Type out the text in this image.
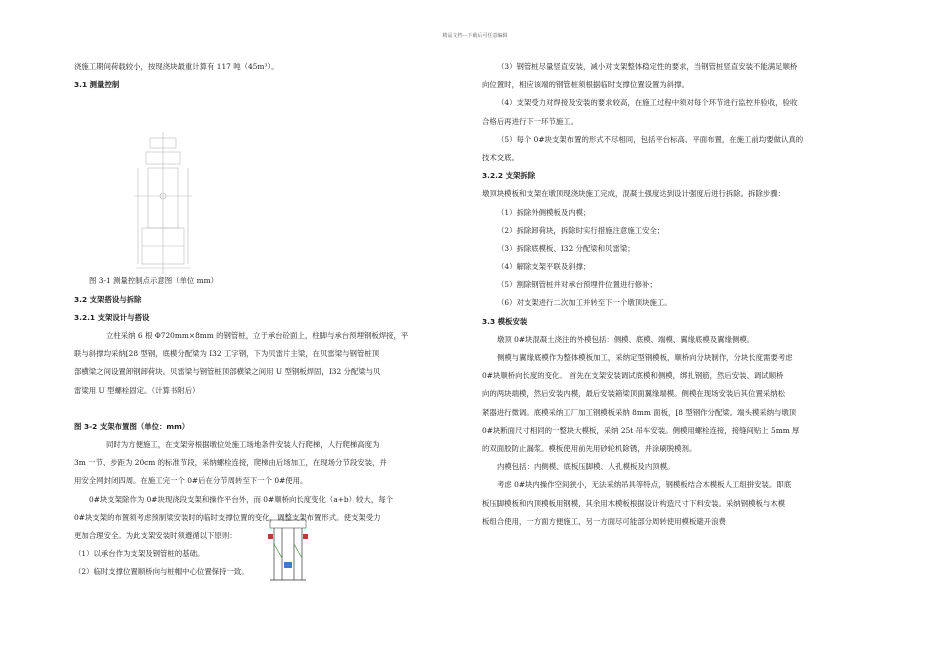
精品文档---下载后可任意编辑

浇施工期间荷载较小，按现浇块最重计算有 117 吨（45m³）。

3.1 测量控制

图 3-1 测量控制点示意图（单位 mm）

3.2 支架搭设与拆除

3.2.1 支架设计与搭设

立柱采纳 6 根 Φ720mm×8mm 的钢管桩，立于承台砼面上，柱脚与承台预埋钢板焊接，平

联与斜撑均采纳[28 型钢，底模分配梁为 I32 工字钢，下为贝雷片主梁，在贝雷梁与钢管桩顶

部横梁之间设置卸钢卸荷块。贝雷梁与钢管桩顶部横梁之间用 U 型钢板焊固，I32 分配梁与贝

雷梁用 U 型螺栓固定。（计算书附后）

图 3-2 支架布置图（单位：mm）

同时为方便施工，在支架旁根据墩位处施工场地条件安装人行爬梯，人行爬梯高度为

3m 一节、步距为 20cm 的标准节段，采纳螺栓连接，爬梯由后场加工，在现场分节段安装，并

用安全网封闭四周。在施工完一个 0#后在分节周转至下一个 0#使用。

0#块支架除作为 0#块现浇段支架和操作平台外，而 0#顺桥向长度变化（a+b）较大，每个

0#块支架的布置须考虑预制梁安装时的临时支撑位置的变化，调整支架布置形式。使支架受力

更加合理安全。为此支架安装时须遵循以下原则：

（1）以承台作为支架及钢管桩的基础。

（2）临时支撑位置顺桥向与桩帽中心位置保持一致。

（3）钢管桩尽量竖直安装，减小对支架整体稳定性的要求，当钢管桩竖直安装不能满足顺桥

向位置时，相应该端的钢管桩须根据临时支撑位置设置为斜撑。

（4）支架受力对焊接及安装的要求较高，在施工过程中须对每个环节进行监控并验收，验收

合格后再进行下一环节施工。

（5）每个 0#块支架布置的形式不尽相同，包括平台标高、平面布置，在施工前均要做认真的

技术交底。

3.2.2 支架拆除

墩顶块模板和支架在墩顶现浇块施工完成，混凝土强度达到设计强度后进行拆除。拆除步骤：

（1）拆除外侧模板及内模；

（2）拆除卸荷块，拆除时实行措施注意施工安全；

（3）拆除底模板、I32 分配梁和贝雷梁；

（4）解除支架平联及斜撑；

（5）割除钢管桩并对承台预埋件位置进行修补；

（6）对支架进行二次加工并转至下一个墩顶块施工。

3.3 模板安装

墩顶 0#块混凝土浇注的外模包括：侧模、底模、端模、翼缘底模及翼缘侧模。

侧模与翼缘底模作为整体模板加工，采纳定型钢模板，顺桥向分块制作，分块长度需要考虑

0#块顺桥向长度的变化。 首先在支架安装调试底模和侧模，绑扎钢筋，然后安装、调试顺桥

向的两块端模，然后安装内模，最后安装箱梁顶面翼缘端模。侧模在现场安装后其位置采纳松

紧器进行微调。底模采纳工厂加工钢模板采纳 8mm 面板，[8 型钢作分配梁。端头模采纳与墩顶

0#块断面尺寸相同的一整块大模板，采纳 25t 吊车安装。侧模用螺栓连接，接缝间贴上 5mm 厚

的双面胶防止漏浆。模板使用前先用砂轮机除锈，并涂刷脱模剂。

内模包括：内侧模、底板压脚模、人孔模板及内顶模。

考虑 0#块内操作空间狭小，无法采纳吊具等特点，钢模板结合木模板人工组拼安装。即底

板压脚模板和内顶模板用钢模，其余用木模板根据设计构造尺寸下料安装。采纳钢模板与木模

板组合使用，一方面方便施工，另一方面尽可能部分周转使用模板避开浪费
